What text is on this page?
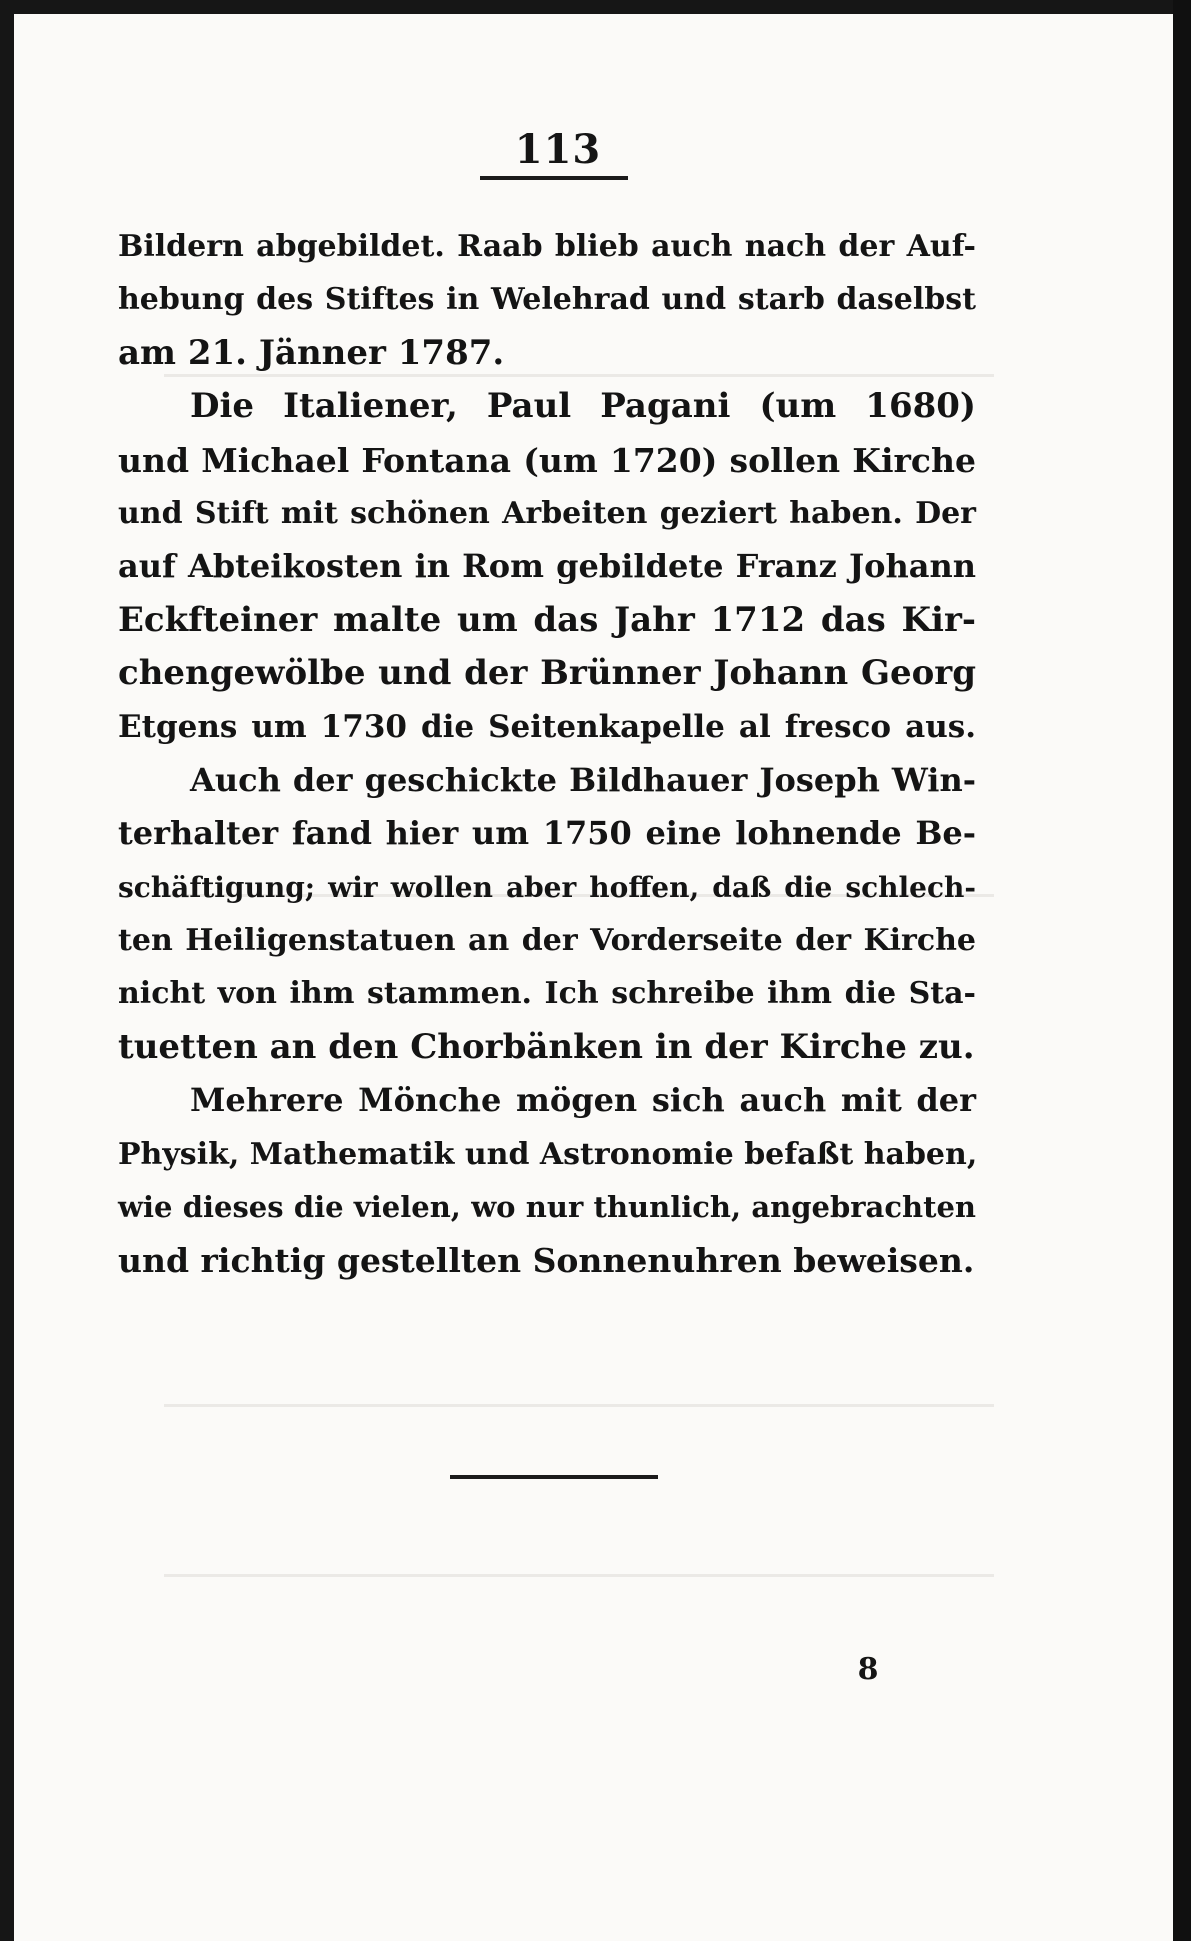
113
Bildern abgebildet. Raab blieb auch nach der Auf-
hebung des Stiftes in Welehrad und starb daselbst
am 21. Jänner 1787.
Die Italiener, Paul Pagani (um 1680)
und Michael Fontana (um 1720) sollen Kirche
und Stift mit schönen Arbeiten geziert haben. Der
auf Abteikosten in Rom gebildete Franz Johann
Eckfteiner malte um das Jahr 1712 das Kir-
chengewölbe und der Brünner Johann Georg
Etgens um 1730 die Seitenkapelle al fresco aus.
Auch der geschickte Bildhauer Joseph Win-
terhalter fand hier um 1750 eine lohnende Be-
schäftigung; wir wollen aber hoffen, daß die schlech-
ten Heiligenstatuen an der Vorderseite der Kirche
nicht von ihm stammen. Ich schreibe ihm die Sta-
tuetten an den Chorbänken in der Kirche zu.
Mehrere Mönche mögen sich auch mit der
Physik, Mathematik und Astronomie befaßt haben,
wie dieses die vielen, wo nur thunlich, angebrachten
und richtig gestellten Sonnenuhren beweisen.
8
